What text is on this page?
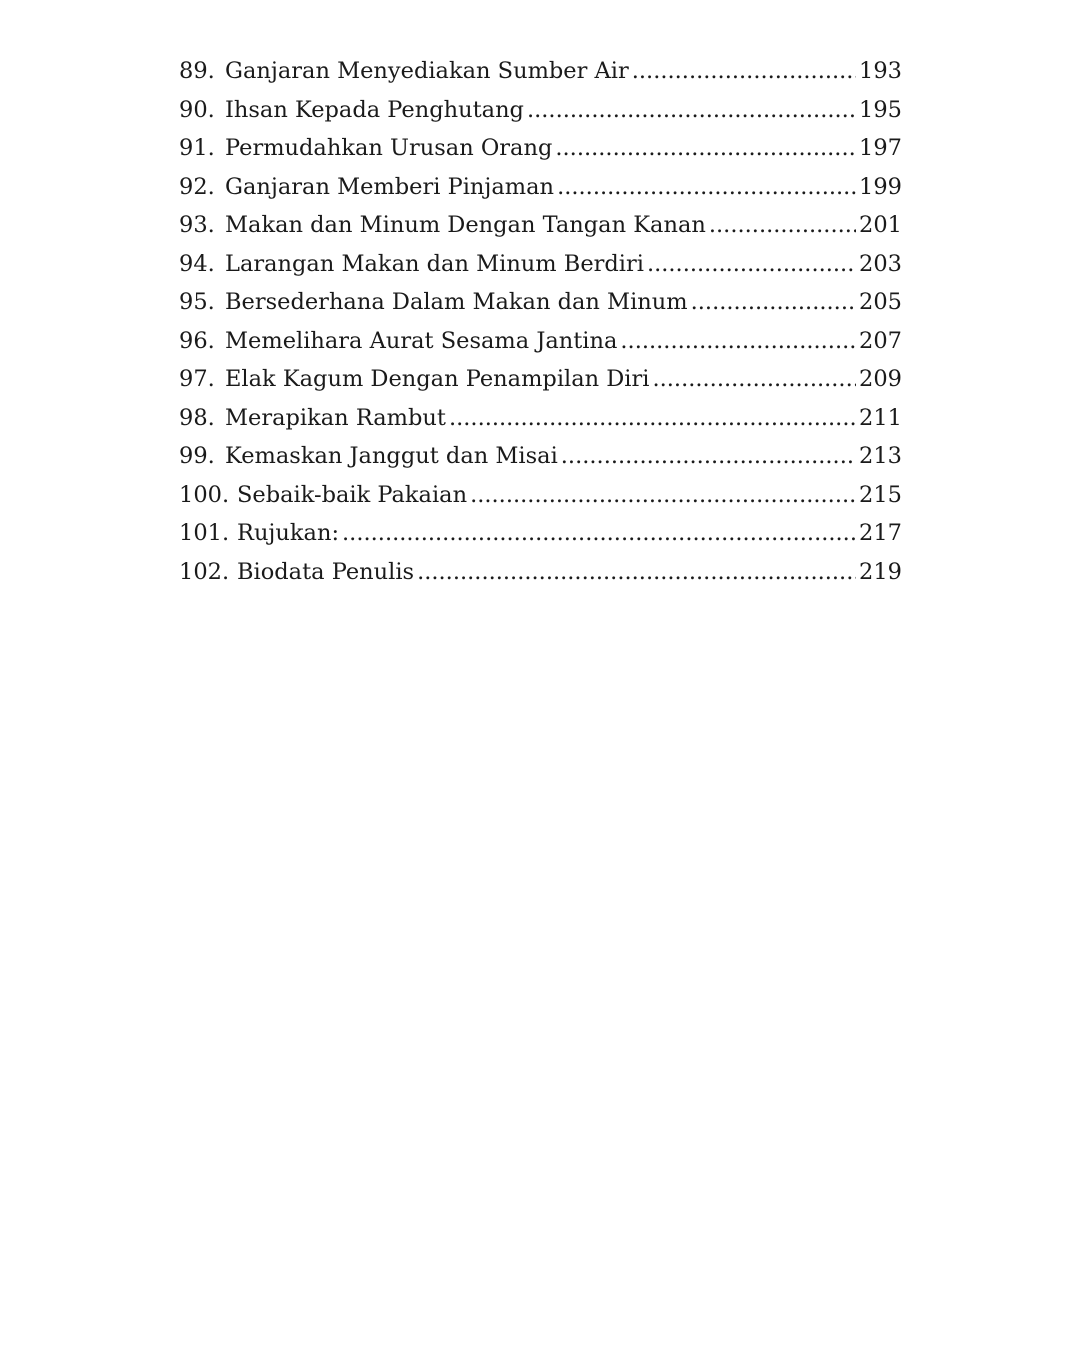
89. Ganjaran Menyediakan Sumber Air .....	193
90. Ihsan Kepada Penghutang .....	195
91. Permudahkan Urusan Orang .....	197
92. Ganjaran Memberi Pinjaman .....	199
93. Makan dan Minum Dengan Tangan Kanan .....	201
94. Larangan Makan dan Minum Berdiri .....	203
95. Bersederhana Dalam Makan dan Minum .....	205
96. Memelihara Aurat Sesama Jantina .....	207
97. Elak Kagum Dengan Penampilan Diri .....	209
98. Merapikan Rambut .....	211
99. Kemaskan Janggut dan Misai .....	213
100. Sebaik-baik Pakaian .....	215
101. Rujukan: .....	217
102. Biodata Penulis .....	219
